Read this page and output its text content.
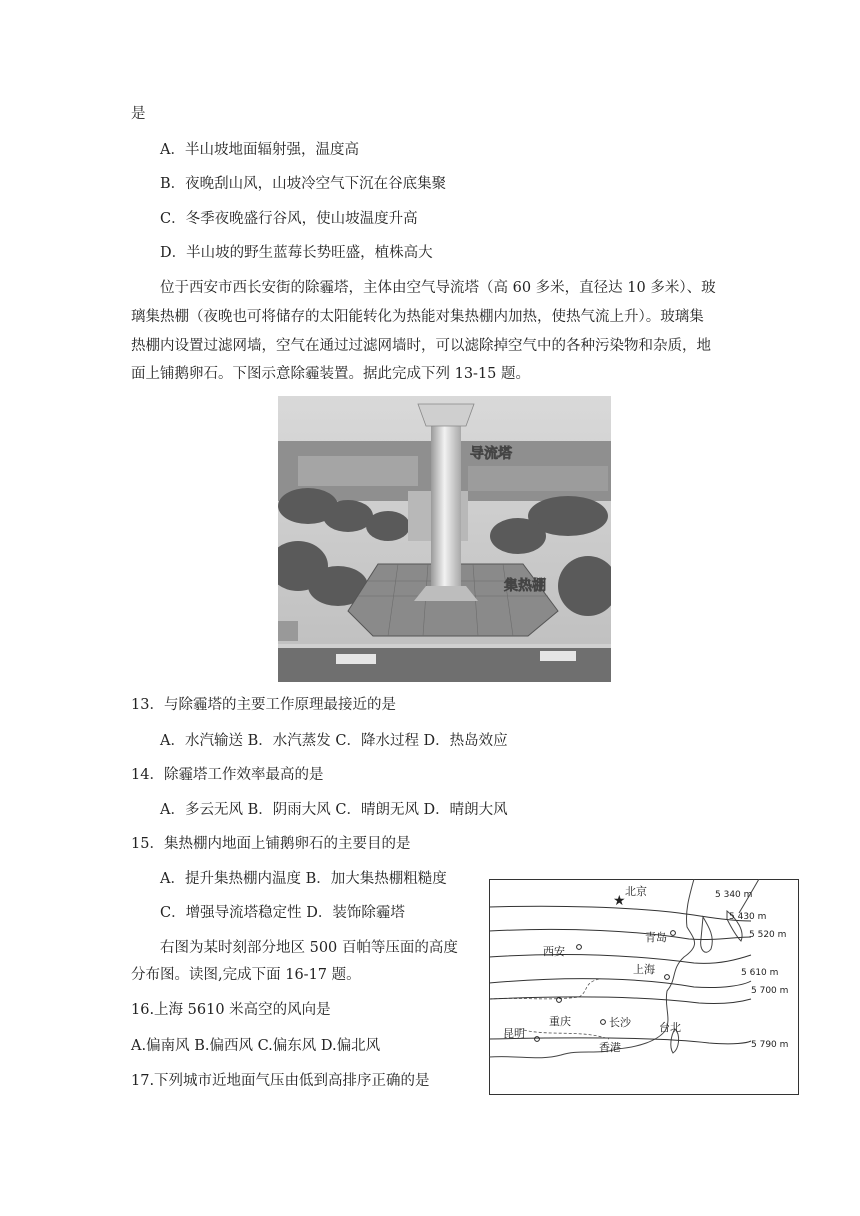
是
A．半山坡地面辐射强，温度高
B．夜晚刮山风，山坡冷空气下沉在谷底集聚
C．冬季夜晚盛行谷风，使山坡温度升高
D．半山坡的野生蓝莓长势旺盛，植株高大
位于西安市西长安街的除霾塔，主体由空气导流塔（高 60 多米，直径达 10 多米）、玻
璃集热棚（夜晚也可将储存的太阳能转化为热能对集热棚内加热，使热气流上升）。玻璃集
热棚内设置过滤网墙，空气在通过过滤网墙时，可以滤除掉空气中的各种污染物和杂质，地
面上铺鹅卵石。下图示意除霾装置。据此完成下列 13-15 题。
导流塔
集热棚
13．与除霾塔的主要工作原理最接近的是
A．水汽输送 B．水汽蒸发 C．降水过程 D．热岛效应
14．除霾塔工作效率最高的是
A．多云无风 B．阴雨大风 C．晴朗无风 D．晴朗大风
15．集热棚内地面上铺鹅卵石的主要目的是
A．提升集热棚内温度 B．加大集热棚粗糙度
C．增强导流塔稳定性 D．装饰除霾塔
右图为某时刻部分地区 500 百帕等压面的高度
分布图。读图,完成下面 16-17 题。
16.上海 5610 米高空的风向是
A.偏南风 B.偏西风 C.偏东风 D.偏北风
17.下列城市近地面气压由低到高排序正确的是
5 340 m
5 430 m
5 520 m
5 610 m
5 700 m
5 790 m
★
北京
青岛
西安
上海
重庆	长沙
昆明	台北
香港
